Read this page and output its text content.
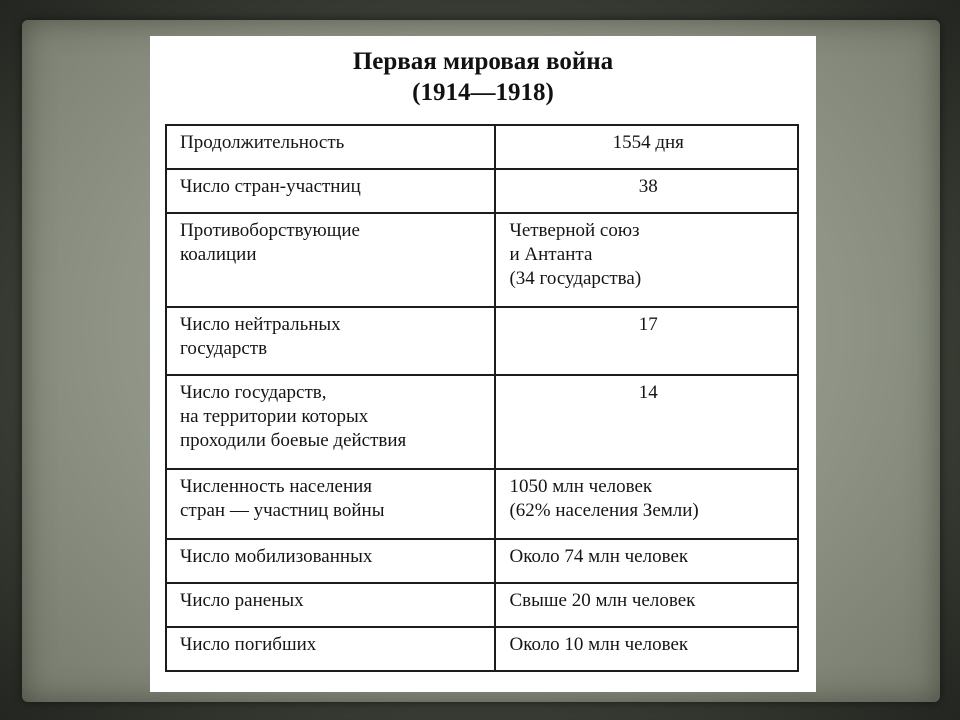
Первая мировая война
(1914—1918)
Продолжительность	1554 дня

Число стран-участниц	38

Противоборствующие
коалиции	Четверной союз
и Антанта
(34 государства)

Число нейтральных
государств	17

Число государств,
на территории которых
проходили боевые действия	14

Численность населения
стран — участниц войны	1050 млн человек
(62% населения Земли)

Число мобилизованных	Около 74 млн человек

Число раненых	Свыше 20 млн человек

Число погибших	Около 10 млн человек
